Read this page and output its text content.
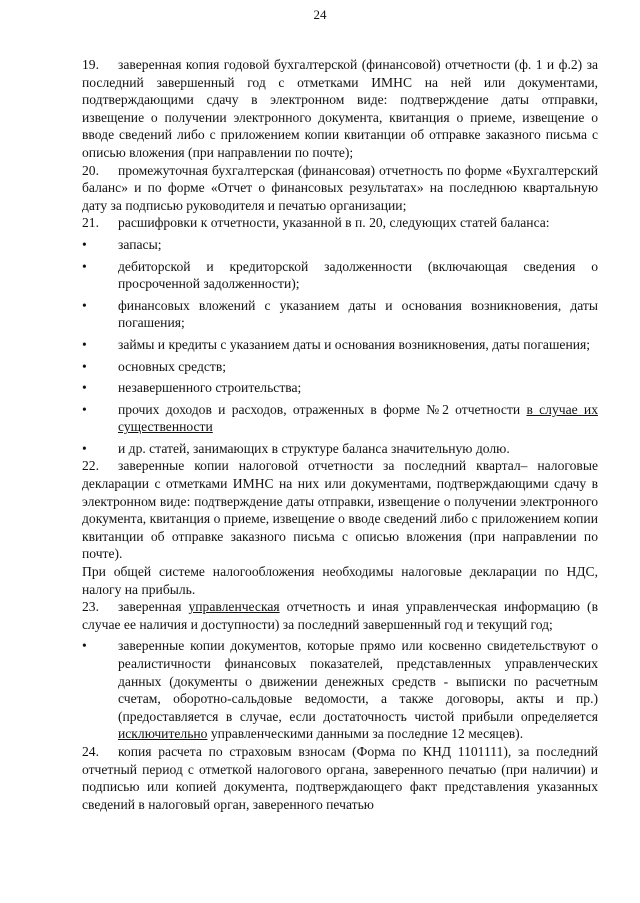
24

19. заверенная копия годовой бухгалтерской (финансовой) отчетности (ф. 1 и ф.2) за последний завершенный год с отметками ИМНС на ней или документами, подтверждающими сдачу в электронном виде: подтверждение даты отправки, извещение о получении электронного документа, квитанция о приеме, извещение о вводе сведений либо с приложением копии квитанции об отправке заказного письма с описью вложения (при направлении по почте);

20. промежуточная бухгалтерская (финансовая) отчетность по форме «Бухгалтерский баланс» и по форме «Отчет о финансовых результатах» на последнюю квартальную дату за подписью руководителя и печатью организации;

21. расшифровки к отчетности, указанной в п. 20, следующих статей баланса:

• запасы;
• дебиторской и кредиторской задолженности (включающая сведения о просроченной задолженности);
• финансовых вложений с указанием даты и основания возникновения, даты погашения;
• займы и кредиты с указанием даты и основания возникновения, даты погашения;
• основных средств;
• незавершенного строительства;
• прочих доходов и расходов, отраженных в форме №2 отчетности в случае их существенности
• и др. статей, занимающих в структуре баланса значительную долю.

22. заверенные копии налоговой отчетности за последний квартал– налоговые декларации с отметками ИМНС на них или документами, подтверждающими сдачу в электронном виде: подтверждение даты отправки, извещение о получении электронного документа, квитанция о приеме, извещение о вводе сведений либо с приложением копии квитанции об отправке заказного письма с описью вложения (при направлении по почте).

При общей системе налогообложения необходимы налоговые декларации по НДС, налогу на прибыль.

23. заверенная управленческая отчетность и иная управленческая информацию (в случае ее наличия и доступности) за последний завершенный год и текущий год;

• заверенные копии документов, которые прямо или косвенно свидетельствуют о реалистичности финансовых показателей, представленных управленческих данных (документы о движении денежных средств - выписки по расчетным счетам, оборотно-сальдовые ведомости, а также договоры, акты и пр.) (предоставляется в случае, если достаточность чистой прибыли определяется исключительно управленческими данными за последние 12 месяцев).

24. копия расчета по страховым взносам (Форма по КНД 1101111), за последний отчетный период с отметкой налогового органа, заверенного печатью (при наличии) и подписью или копией документа, подтверждающего факт представления указанных сведений в налоговый орган, заверенного печатью
